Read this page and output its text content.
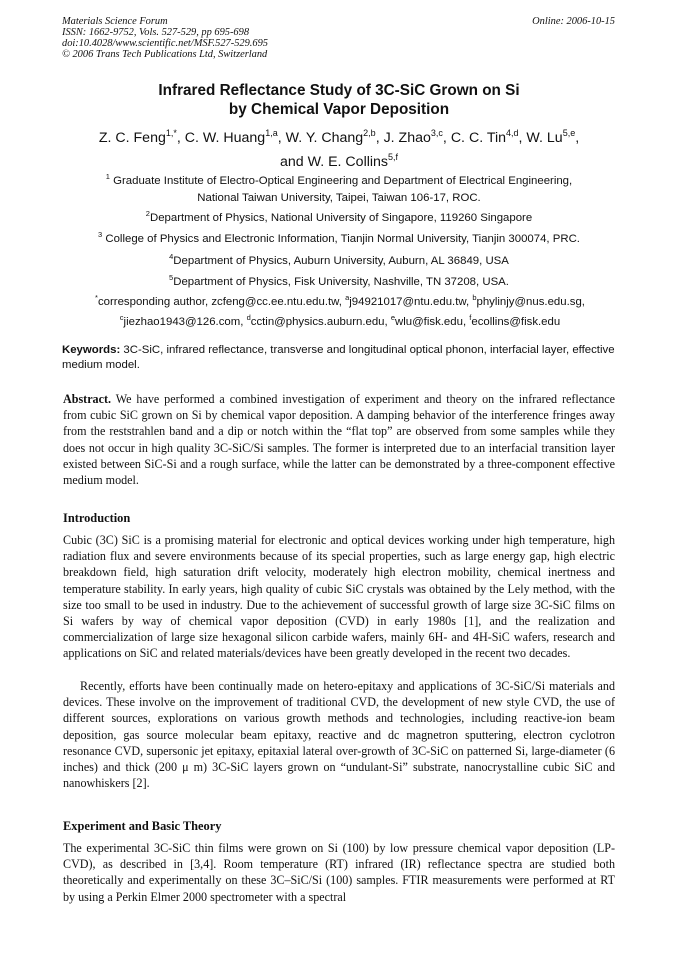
Materials Science Forum
ISSN: 1662-9752, Vols. 527-529, pp 695-698
doi:10.4028/www.scientific.net/MSF.527-529.695
© 2006 Trans Tech Publications Ltd, Switzerland
Online: 2006-10-15
Infrared Reflectance Study of 3C-SiC Grown on Si
by Chemical Vapor Deposition
Z. C. Feng$^{1,*}$, C. W. Huang$^{1,a}$, W. Y. Chang$^{2,b}$, J. Zhao$^{3,c}$, C. C. Tin$^{4,d}$, W. Lu$^{5,e}$,
and W. E. Collins$^{5,f}$
$^1$ Graduate Institute of Electro-Optical Engineering and Department of Electrical Engineering,
National Taiwan University, Taipei, Taiwan 106-17, ROC.
$^2$Department of Physics, National University of Singapore, 119260 Singapore
$^3$ College of Physics and Electronic Information, Tianjin Normal University, Tianjin 300074, PRC.
$^4$Department of Physics, Auburn University, Auburn, AL 36849, USA
$^5$Department of Physics, Fisk University, Nashville, TN 37208, USA.
*corresponding author, zcfeng@cc.ee.ntu.edu.tw, $^a$j94921017@ntu.edu.tw, $^b$phylinjy@nus.edu.sg,
$^c$jiezhao1943@126.com, $^d$cctin@physics.auburn.edu, $^e$wlu@fisk.edu, $^f$ecollins@fisk.edu
Keywords: 3C-SiC, infrared reflectance, transverse and longitudinal optical phonon, interfacial layer, effective medium model.
Abstract. We have performed a combined investigation of experiment and theory on the infrared reflectance from cubic SiC grown on Si by chemical vapor deposition. A damping behavior of the interference fringes away from the reststrahlen band and a dip or notch within the “flat top” are observed from some samples while they does not occur in high quality 3C-SiC/Si samples. The former is interpreted due to an interfacial transition layer existed between SiC-Si and a rough surface, while the latter can be demonstrated by a three-component effective medium model.
Introduction
Cubic (3C) SiC is a promising material for electronic and optical devices working under high temperature, high radiation flux and severe environments because of its special properties, such as large energy gap, high electric breakdown field, high saturation drift velocity, moderately high electron mobility, chemical inertness and temperature stability. In early years, high quality of cubic SiC crystals was obtained by the Lely method, with the size too small to be used in industry. Due to the achievement of successful growth of large size 3C-SiC films on Si wafers by way of chemical vapor deposition (CVD) in early 1980s [1], and the realization and commercialization of large size hexagonal silicon carbide wafers, mainly 6H- and 4H-SiC wafers, research and applications on SiC and related materials/devices have been greatly developed in the recent two decades.
Recently, efforts have been continually made on hetero-epitaxy and applications of 3C-SiC/Si materials and devices. These involve on the improvement of traditional CVD, the development of new style CVD, the use of different sources, explorations on various growth methods and technologies, including reactive-ion beam deposition, gas source molecular beam epitaxy, reactive and dc magnetron sputtering, electron cyclotron resonance CVD, supersonic jet epitaxy, epitaxial lateral over-growth of 3C-SiC on patterned Si, large-diameter (6 inches) and thick (200 μ m) 3C-SiC layers grown on “undulant-Si” substrate, nanocrystalline cubic SiC and nanowhiskers [2].
Experiment and Basic Theory
The experimental 3C-SiC thin films were grown on Si (100) by low pressure chemical vapor deposition (LP-CVD), as described in [3,4]. Room temperature (RT) infrared (IR) reflectance spectra are studied both theoretically and experimentally on these 3C–SiC/Si (100) samples. FTIR measurements were performed at RT by using a Perkin Elmer 2000 spectrometer with a spectral
